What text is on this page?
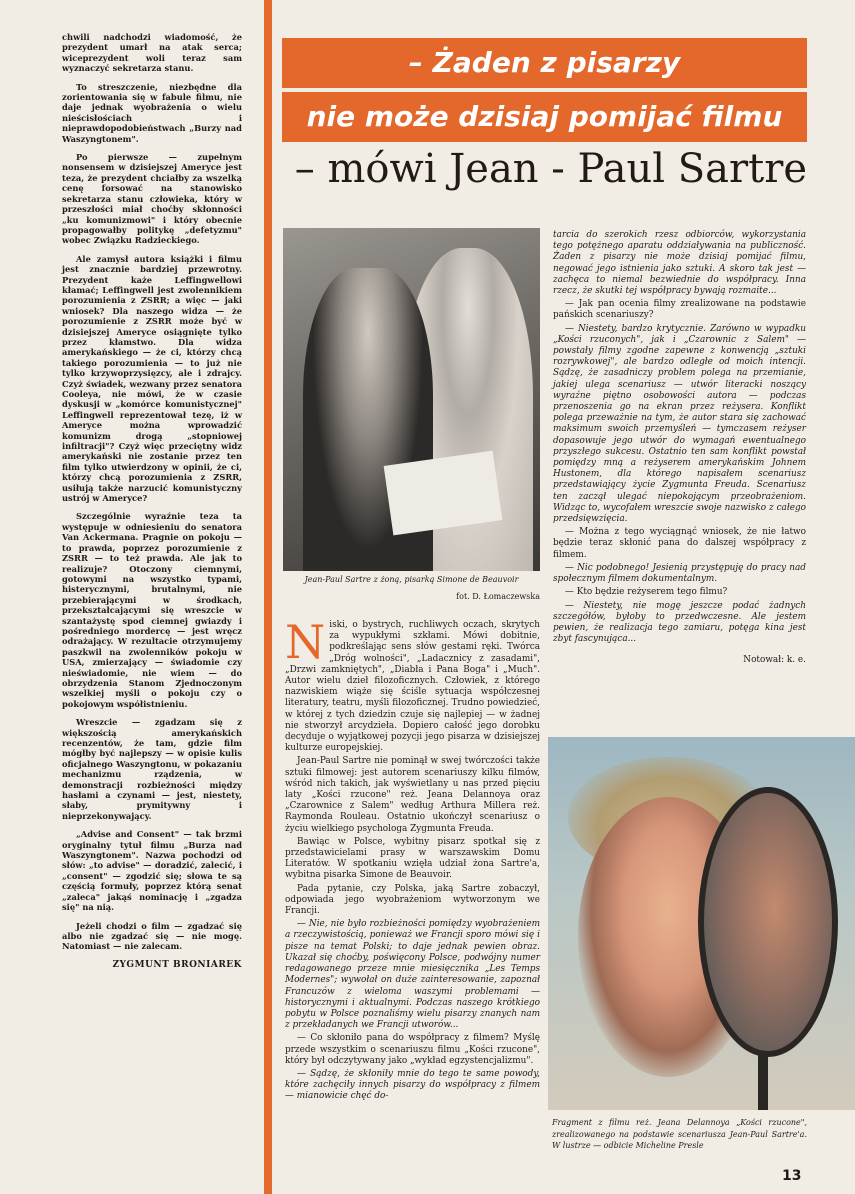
chwili nadchodzi wiadomość, że prezydent umarł na atak serca; wiceprezydent woli teraz sam wyznaczyć sekretarza stanu.

To streszczenie, niezbędne dla zorientowania się w fabule filmu, nie daje jednak wyobrażenia o wielu nieścisłościach i nieprawdopodobieństwach „Burzy nad Waszyngtonem".

Po pierwsze — zupełnym nonsensem w dzisiejszej Ameryce jest teza, że prezydent chciałby za wszelką cenę forsować na stanowisko sekretarza stanu człowieka, który w przeszłości miał choćby skłonności „ku komunizmowi" i który obecnie propagowałby politykę „defetyzmu" wobec Związku Radzieckiego.

Ale zamysł autora książki i filmu jest znacznie bardziej przewrotny. Prezydent każe Leffingwellowi kłamać; Leffingwell jest zwolennikiem porozumienia z ZSRR; a więc — jaki wniosek? Dla naszego widza — że porozumienie z ZSRR może być w dzisiejszej Ameryce osiągnięte tylko przez kłamstwo. Dla widza amerykańskiego — że ci, którzy chcą takiego porozumienia — to już nie tylko krzywoprzysięzcy, ale i zdrajcy. Czyż świadek, wezwany przez senatora Cooleya, nie mówi, że w czasie dyskusji w „komórce komunistycznej" Leffingwell reprezentował tezę, iż w Ameryce można wprowadzić komunizm drogą „stopniowej infiltracji"? Czyż więc przeciętny widz amerykański nie zostanie przez ten film tylko utwierdzony w opinii, że ci, którzy chcą porozumienia z ZSRR, usiłują także narzucić komunistyczny ustrój w Ameryce?

Szczególnie wyraźnie teza ta występuje w odniesieniu do senatora Van Ackermana. Pragnie on pokoju — to prawda, poprzez porozumienie z ZSRR — to też prawda. Ale jak to realizuje? Otoczony ciemnymi, gotowymi na wszystko typami, histerycznymi, brutalnymi, nie przebierającymi w środkach, przekształcającymi się wreszcie w szantażystę spod ciemnej gwiazdy i pośredniego mordercę — jest wręcz odrażający. W rezultacie otrzymujemy paszkwil na zwolenników pokoju w USA, zmierzający — świadomie czy nieświadomie, nie wiem — do obrzydzenia Stanom Zjednoczonym wszelkiej myśli o pokoju czy o pokojowym współistnieniu.

Wreszcie — zgadzam się z większością amerykańskich recenzentów, że tam, gdzie film mógłby być najlepszy — w opisie kulis oficjalnego Waszyngtonu, w pokazaniu mechanizmu rządzenia, w demonstracji rozbieżności między hasłami a czynami — jest, niestety, słaby, prymitywny i nieprzekonywający.

„Advise and Consent" — tak brzmi oryginalny tytuł filmu „Burza nad Waszyngtonem". Nazwa pochodzi od słów: „to advise" — doradzić, zalecić, i „consent" — zgodzić się; słowa te są częścią formuły, poprzez którą senat „zaleca" jakąś nominację i „zgadza się" na nią.

Jeżeli chodzi o film — zgadzać się albo nie zgadzać się — nie mogę. Natomiast — nie zalecam.

ZYGMUNT BRONIAREK
– Żaden z pisarzy
nie może dzisiaj pomijać filmu
– mówi Jean - Paul Sartre
Jean-Paul Sartre z żoną, pisarką Simone de Beauvoir
fot. D. Łomaczewska

Niski, o bystrych, ruchliwych oczach, skrytych za wypukłymi szkłami. Mówi dobitnie, podkreślając sens słów gestami ręki. Twórca „Dróg wolności", „Ladacznicy z zasadami", „Drzwi zamkniętych", „Diabła i Pana Boga" i „Much". Autor wielu dzieł filozoficznych. Człowiek, z którego nazwiskiem wiąże się ściśle sytuacja współczesnej literatury, teatru, myśli filozoficznej. Trudno powiedzieć, w której z tych dziedzin czuje się najlepiej — w żadnej nie stworzył arcydzieła. Dopiero całość jego dorobku decyduje o wyjątkowej pozycji jego pisarza w dzisiejszej kulturze europejskiej.

Jean-Paul Sartre nie pominął w swej twórczości także sztuki filmowej: jest autorem scenariuszy kilku filmów, wśród nich takich, jak wyświetlany u nas przed pięciu laty „Kości rzucone" reż. Jeana Delannoya oraz „Czarownice z Salem" według Arthura Millera reż. Raymonda Rouleau. Ostatnio ukończył scenariusz o życiu wielkiego psychologa Zygmunta Freuda.

Bawiąc w Polsce, wybitny pisarz spotkał się z przedstawicielami prasy w warszawskim Domu Literatów. W spotkaniu wzięła udział żona Sartre'a, wybitna pisarka Simone de Beauvoir.

Pada pytanie, czy Polska, jaką Sartre zobaczył, odpowiada jego wyobrażeniom wytworzonym we Francji.

— Nie, nie było rozbieżności pomiędzy wyobrażeniem a rzeczywistością, ponieważ we Francji sporo mówi się i pisze na temat Polski; to daje jednak pewien obraz. Ukazał się choćby, poświęcony Polsce, podwójny numer redagowanego przeze mnie miesięcznika „Les Temps Modernes"; wywołał on duże zainteresowanie, zapoznał Francuzów z wieloma waszymi problemami — historycznymi i aktualnymi. Podczas naszego krótkiego pobytu w Polsce poznaliśmy wielu pisarzy znanych nam z przekładanych we Francji utworów...

— Co skłoniło pana do współpracy z filmem? Myślę przede wszystkim o scenariuszu filmu „Kości rzucone", który był odczytywany jako „wykład egzystencjalizmu".

— Sądzę, że skłoniły mnie do tego te same powody, które zachęciły innych pisarzy do współpracy z filmem — mianowicie chęć do-

tarcia do szerokich rzesz odbiorców, wykorzystania tego potężnego aparatu oddziaływania na publiczność. Żaden z pisarzy nie może dzisiaj pomijać filmu, negować jego istnienia jako sztuki. A skoro tak jest — zachęca to niemal bezwiednie do współpracy. Inna rzecz, że skutki tej współpracy bywają rozmaite...

— Jak pan ocenia filmy zrealizowane na podstawie pańskich scenariuszy?

— Niestety, bardzo krytycznie. Zarówno w wypadku „Kości rzuconych", jak i „Czarownic z Salem" — powstały filmy zgodne zapewne z konwencją „sztuki rozrywkowej", ale bardzo odległe od moich intencji. Sądzę, że zasadniczy problem polega na przemianie, jakiej ulega scenariusz — utwór literacki noszący wyraźne piętno osobowości autora — podczas przenoszenia go na ekran przez reżysera. Konflikt polega przeważnie na tym, że autor stara się zachować maksimum swoich przemyśleń — tymczasem reżyser dopasowuje jego utwór do wymagań ewentualnego przyszłego sukcesu. Ostatnio ten sam konflikt powstał pomiędzy mną a reżyserem amerykańskim Johnem Hustonem, dla którego napisałem scenariusz przedstawiający życie Zygmunta Freuda. Scenariusz ten zaczął ulegać niepokojącym przeobrażeniom. Widząc to, wycofałem wreszcie swoje nazwisko z całego przedsięwzięcia.

— Można z tego wyciągnąć wniosek, że nie łatwo będzie teraz skłonić pana do dalszej współpracy z filmem.

— Nic podobnego! Jesienią przystępuję do pracy nad społecznym filmem dokumentalnym.

— Kto będzie reżyserem tego filmu?

— Niestety, nie mogę jeszcze podać żadnych szczegółów, byłoby to przedwczesne. Ale jestem pewien, że realizacja tego zamiaru, potęga kina jest zbyt fascynująca...

Notował: k. e.
Fragment z filmu reż. Jeana Delannoya „Kości rzucone", zrealizowanego na podstawie scenariusza Jean-Paul Sartre'a. W lustrze — odbicie Micheline Presle
13
